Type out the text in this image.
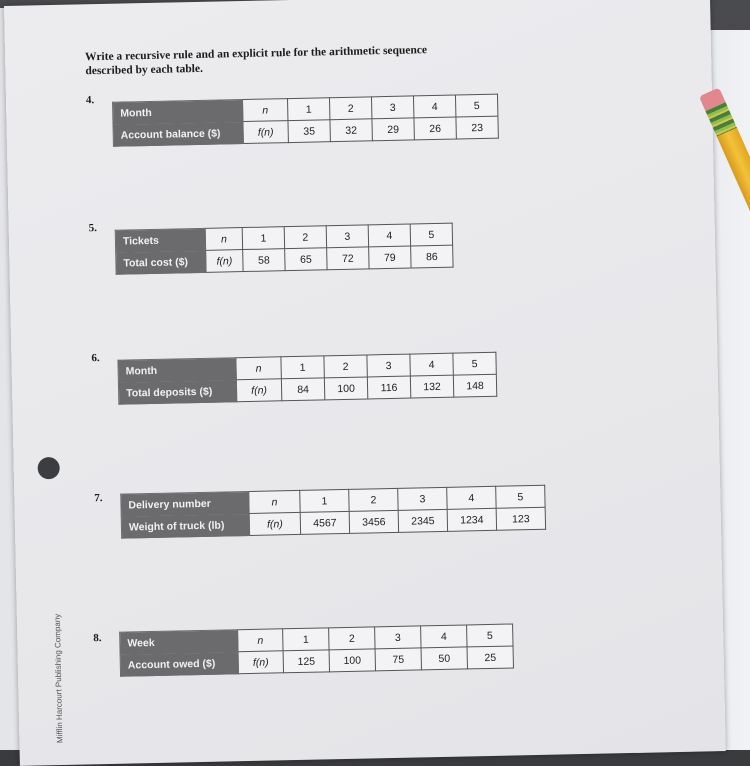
Mifflin Harcourt Publishing Company
Write a recursive rule and an explicit rule for the arithmetic sequence described by each table.
4.
Month	n	1	2	3	4	5
Account balance ($)	f(n)	35	32	29	26	23
5.
Tickets	n	1	2	3	4	5
Total cost ($)	f(n)	58	65	72	79	86
6.
Month	n	1	2	3	4	5
Total deposits ($)	f(n)	84	100	116	132	148
7. Delivery number	n	1	2	3	4	5
Weight of truck (lb)	f(n)	4567	3456	2345	1234	123
8. Week	n	1	2	3	4	5
Account owed ($)	f(n)	125	100	75	50	25
